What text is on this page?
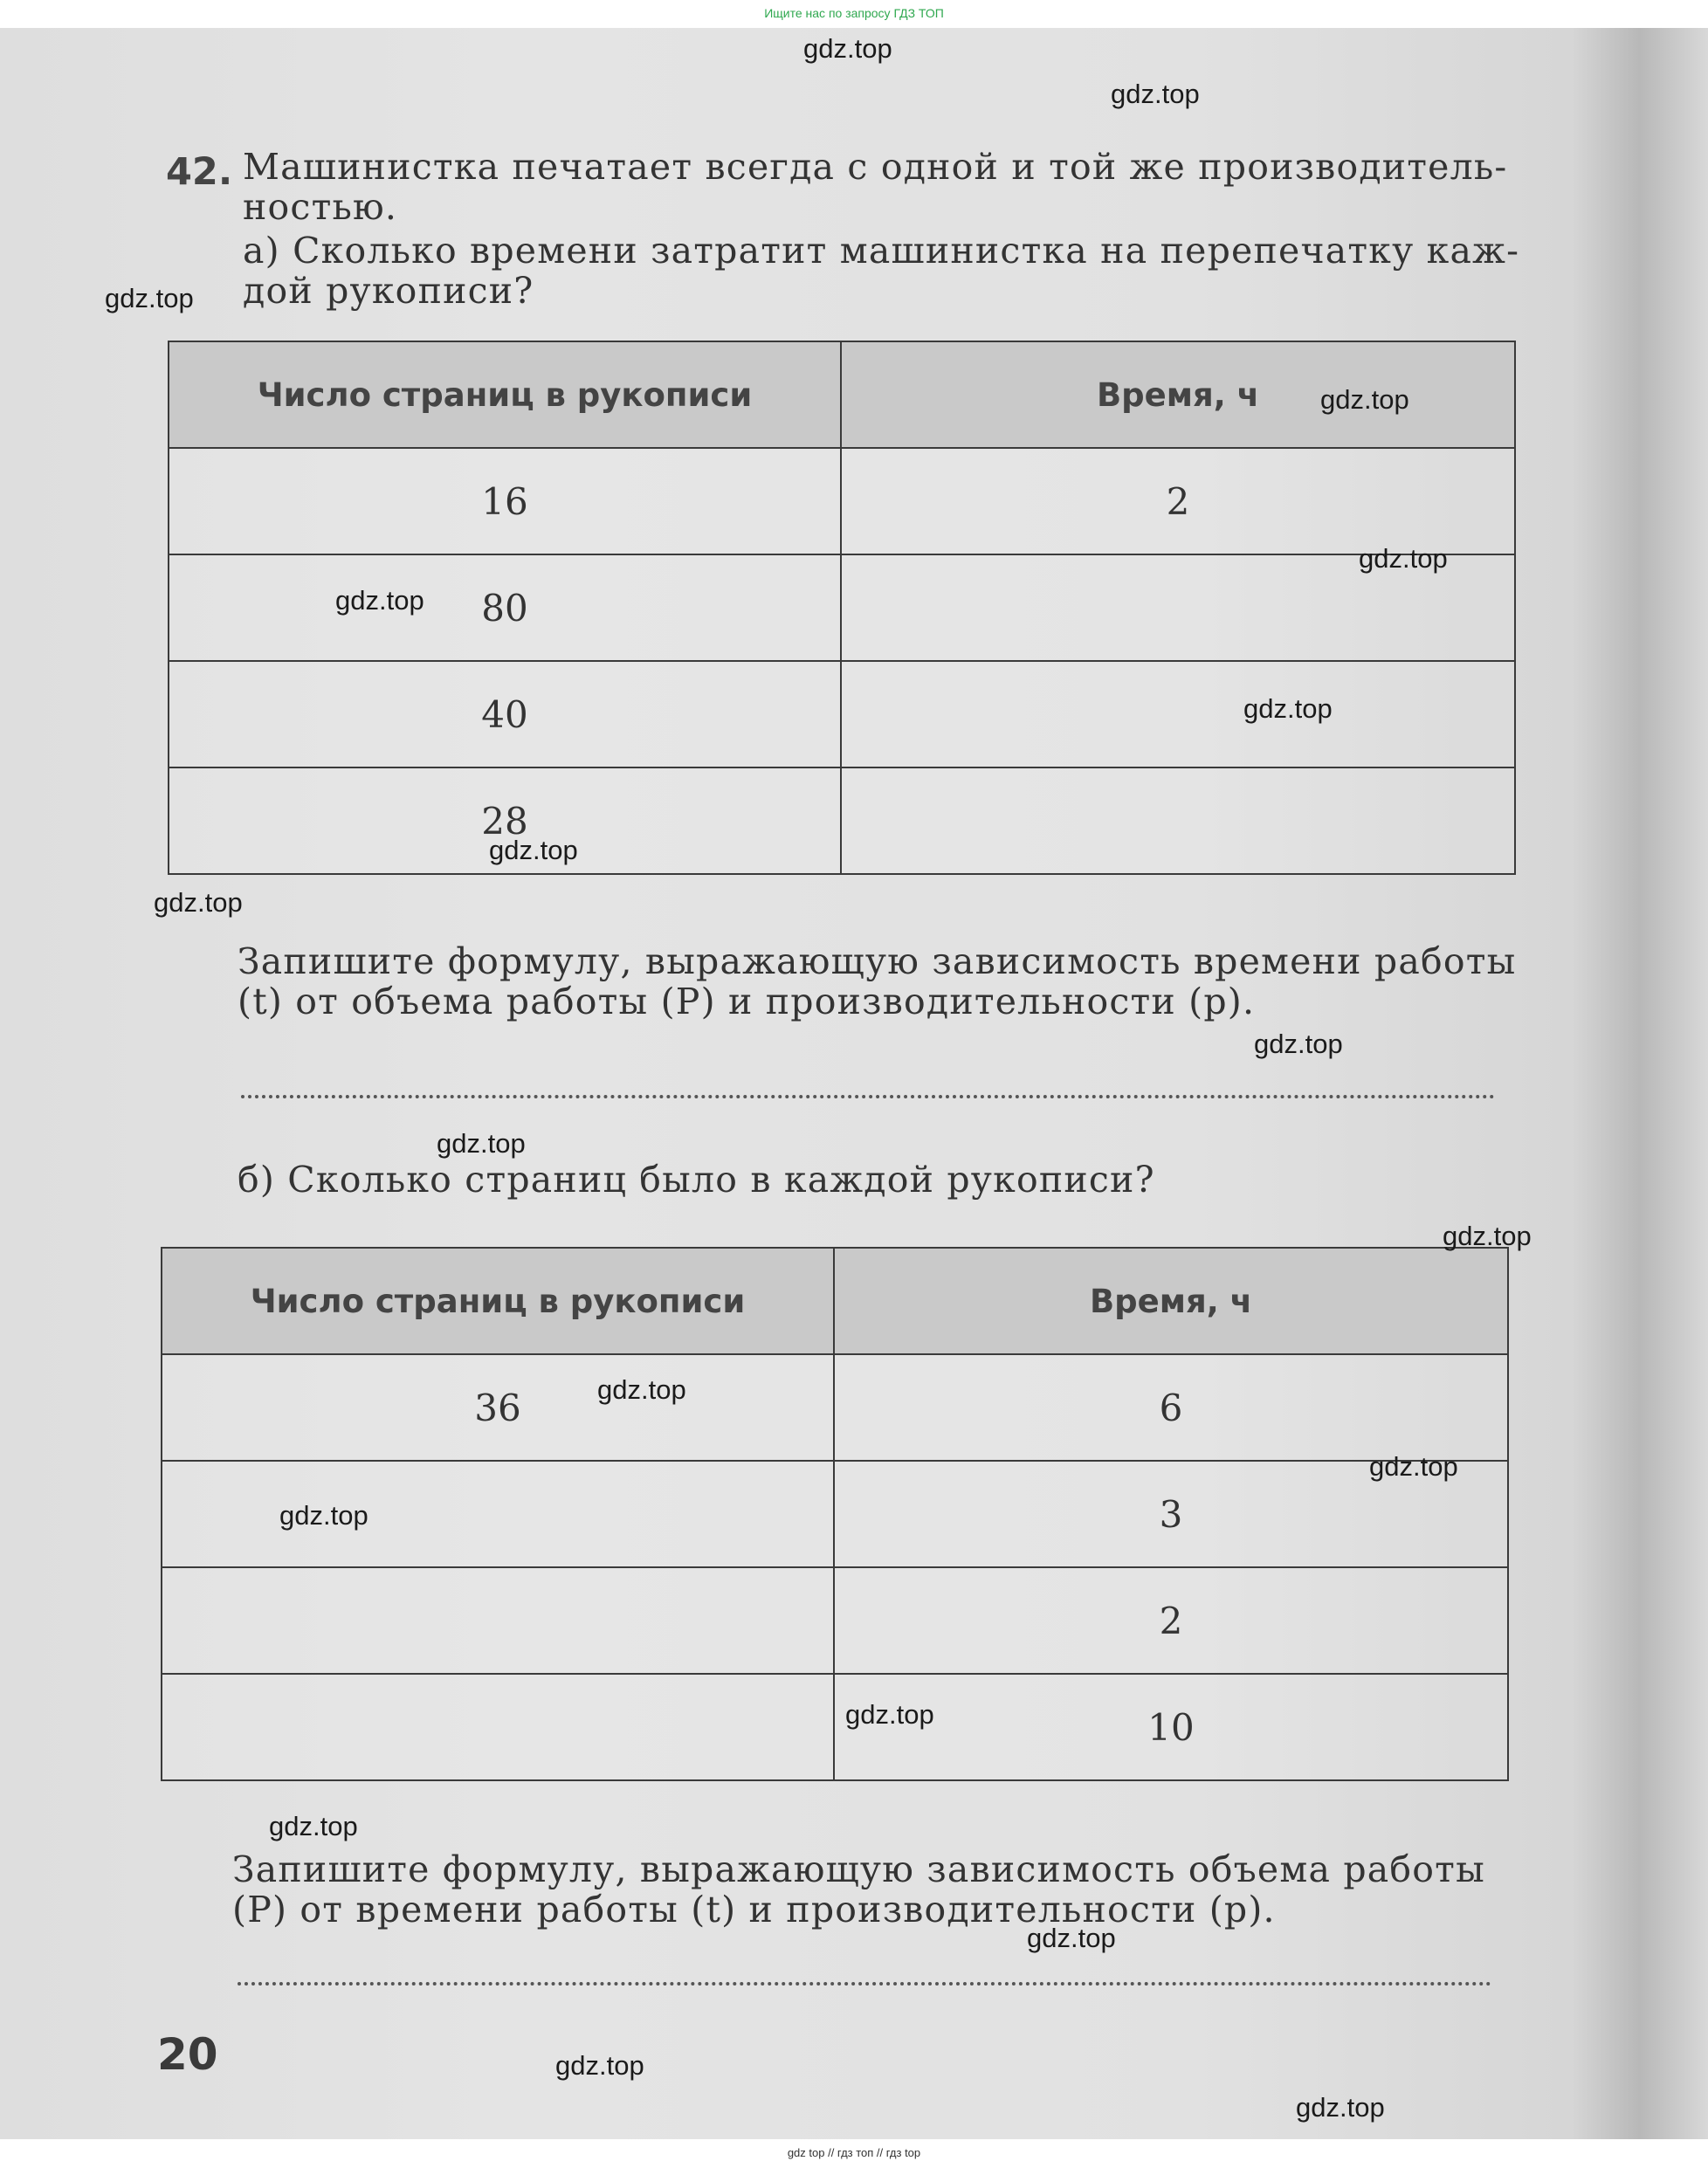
Ищите нас по запросу ГДЗ ТОП
42. Машинистка печатает всегда с одной и той же производитель-
ностью.
а) Сколько времени затратит машинистка на перепечатку каж-
дой рукописи?
Число страниц в рукописи	Время, ч
16	2
80	
40	
28	
Запишите формулу, выражающую зависимость времени работы
(t) от объема работы (P) и производительности (p).
б) Сколько страниц было в каждой рукописи?
Число страниц в рукописи	Время, ч
36	6
	3
	2
	10
Запишите формулу, выражающую зависимость объема работы
(P) от времени работы (t) и производительности (p).
20
gdz.top
gdz.top
gdz.top
gdz.top
gdz.top
gdz.top
gdz.top
gdz.top
gdz.top
gdz.top
gdz.top
gdz.top
gdz.top
gdz.top
gdz.top
gdz.top
gdz.top
gdz.top
gdz.top
gdz.top
gdz top // гдз топ // гдз top
